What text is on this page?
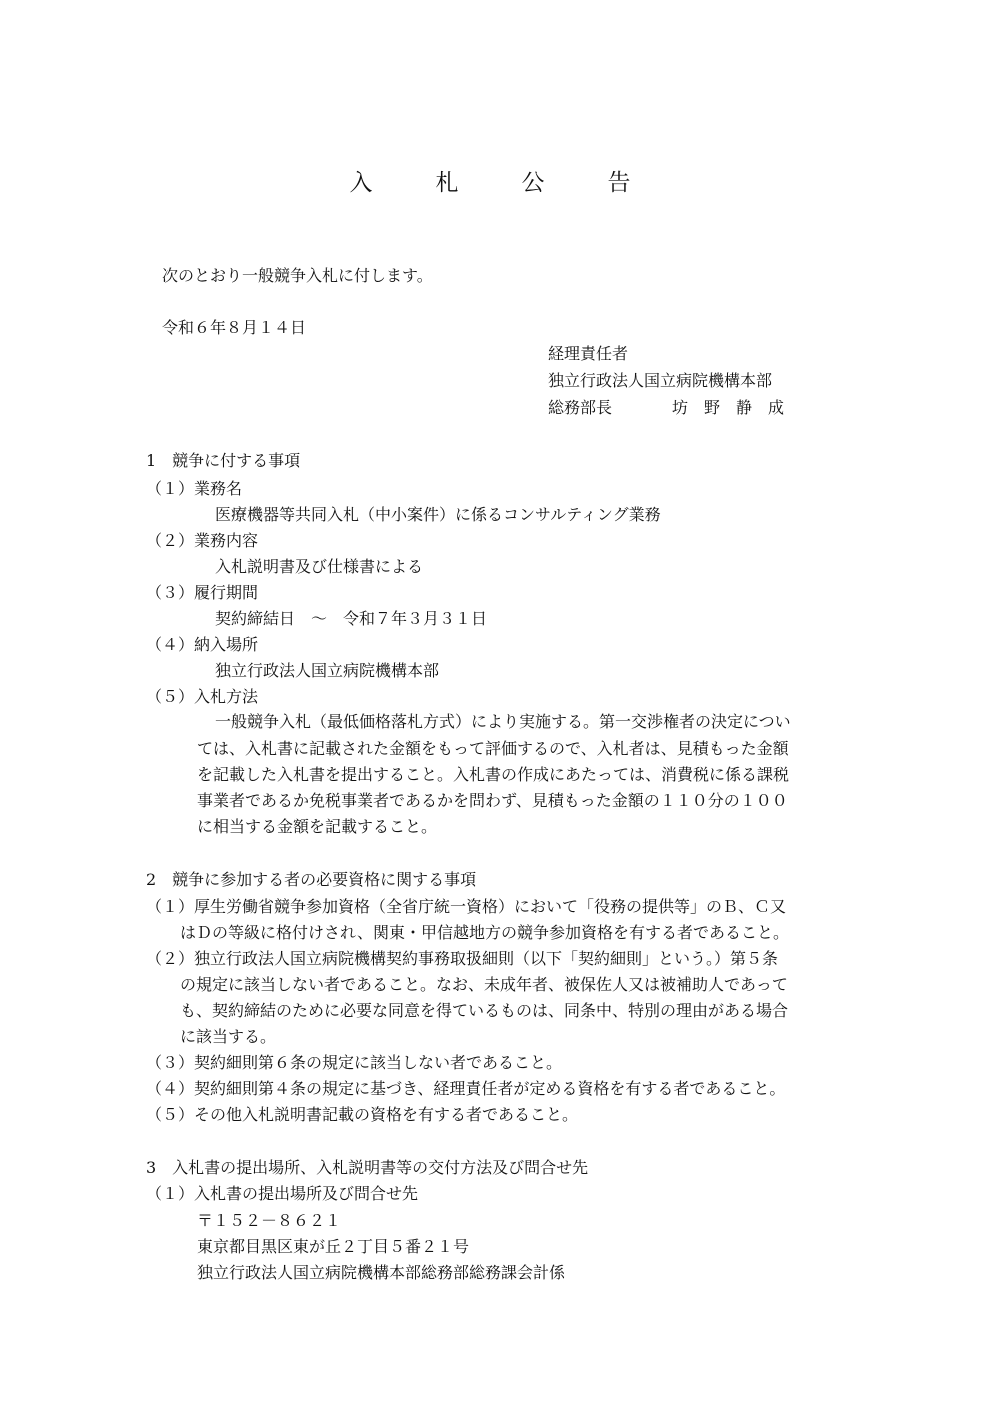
入　札　公　告
次のとおり一般競争入札に付します。
令和６年８月１４日
経理責任者
独立行政法人国立病院機構本部
総務部長	坊　野　静　成
1　競争に付する事項
（１）業務名
医療機器等共同入札（中小案件）に係るコンサルティング業務
（２）業務内容
入札説明書及び仕様書による
（３）履行期間
契約締結日　～　令和７年３月３１日
（４）納入場所
独立行政法人国立病院機構本部
（５）入札方法
一般競争入札（最低価格落札方式）により実施する。第一交渉権者の決定につい
ては、入札書に記載された金額をもって評価するので、入札者は、見積もった金額
を記載した入札書を提出すること。入札書の作成にあたっては、消費税に係る課税
事業者であるか免税事業者であるかを問わず、見積もった金額の１１０分の１００
に相当する金額を記載すること。
2　競争に参加する者の必要資格に関する事項
（１）厚生労働省競争参加資格（全省庁統一資格）において「役務の提供等」のＢ、Ｃ又
はＤの等級に格付けされ、関東・甲信越地方の競争参加資格を有する者であること。
（２）独立行政法人国立病院機構契約事務取扱細則（以下「契約細則」という。）第５条
の規定に該当しない者であること。なお、未成年者、被保佐人又は被補助人であって
も、契約締結のために必要な同意を得ているものは、同条中、特別の理由がある場合
に該当する。
（３）契約細則第６条の規定に該当しない者であること。
（４）契約細則第４条の規定に基づき、経理責任者が定める資格を有する者であること。
（５）その他入札説明書記載の資格を有する者であること。
3　入札書の提出場所、入札説明書等の交付方法及び問合せ先
（１）入札書の提出場所及び問合せ先
〒１５２－８６２１
東京都目黒区東が丘２丁目５番２１号
独立行政法人国立病院機構本部総務部総務課会計係
